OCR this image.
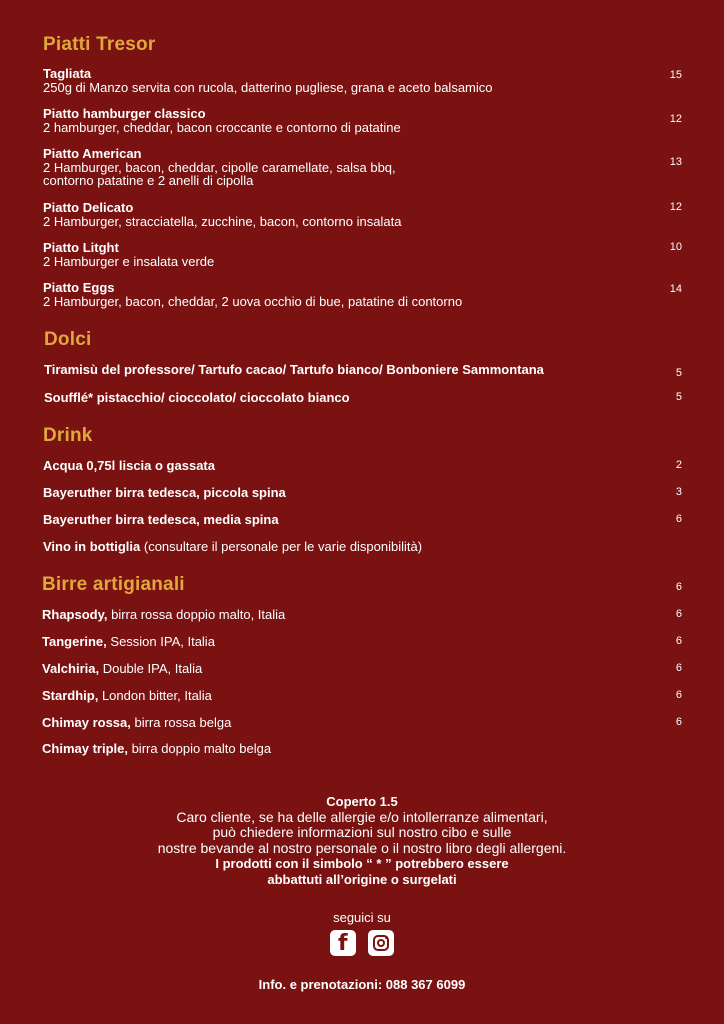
Piatti Tresor
Tagliata
250g di Manzo servita con rucola, datterino pugliese, grana e aceto balsamico
15
Piatto hamburger classico
2 hamburger, cheddar, bacon croccante e contorno di patatine
12
Piatto American
2 Hamburger, bacon, cheddar, cipolle caramellate, salsa bbq,
contorno patatine e 2 anelli di cipolla
13
Piatto Delicato
2 Hamburger, stracciatella, zucchine, bacon, contorno insalata
12
Piatto Litght
2 Hamburger e insalata verde
10
Piatto Eggs
2 Hamburger, bacon, cheddar, 2 uova occhio di bue, patatine di contorno
14
Dolci
Tiramisù del professore/ Tartufo cacao/ Tartufo bianco/ Bonboniere Sammontana	5
Soufflé* pistacchio/ cioccolato/ cioccolato bianco	5
Drink
Acqua 0,75l liscia o gassata	2
Bayeruther birra tedesca, piccola spina	3
Bayeruther birra tedesca, media spina	6
Vino in bottiglia (consultare il personale per le varie disponibilità)
Birre artigianali	6
Rhapsody, birra rossa doppio malto, Italia	6
Tangerine, Session IPA, Italia	6
Valchiria, Double IPA, Italia	6
Stardhip, London bitter, Italia	6
Chimay rossa, birra rossa belga	6
Chimay triple, birra doppio malto belga
Coperto 1.5
Caro cliente, se ha delle allergie e/o intollerranze alimentari,
può chiedere informazioni sul nostro cibo e sulle
nostre bevande al nostro personale o il nostro libro degli allergeni.
I prodotti con il simbolo “ * ” potrebbero essere
abbattuti all’origine o surgelati
seguici su
f

Info. e prenotazioni: 088 367 6099
